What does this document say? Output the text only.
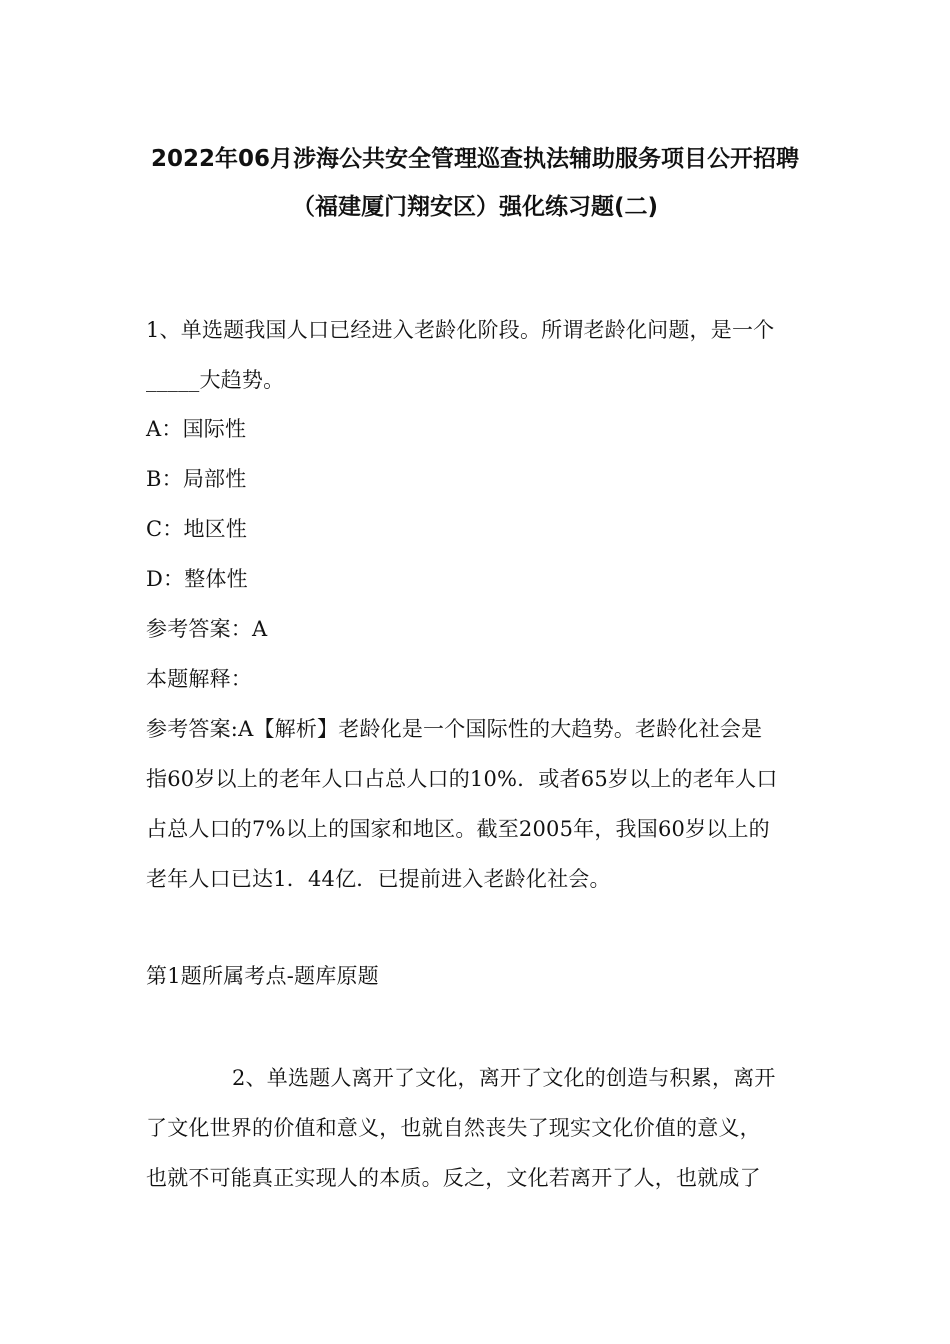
2022年06月涉海公共安全管理巡查执法辅助服务项目公开招聘
（福建厦门翔安区）强化练习题(二)
1、单选题我国人口已经进入老龄化阶段。所谓老龄化问题，是一个
_____大趋势。
A：国际性
B：局部性
C：地区性
D：整体性
参考答案：A
本题解释：
参考答案:A【解析】老龄化是一个国际性的大趋势。老龄化社会是
指60岁以上的老年人口占总人口的10%．或者65岁以上的老年人口
占总人口的7%以上的国家和地区。截至2005年，我国60岁以上的
老年人口已达1．44亿．已提前进入老龄化社会。
第1题所属考点-题库原题
2、单选题人离开了文化，离开了文化的创造与积累，离开
了文化世界的价值和意义，也就自然丧失了现实文化价值的意义，
也就不可能真正实现人的本质。反之，文化若离开了人，也就成了
